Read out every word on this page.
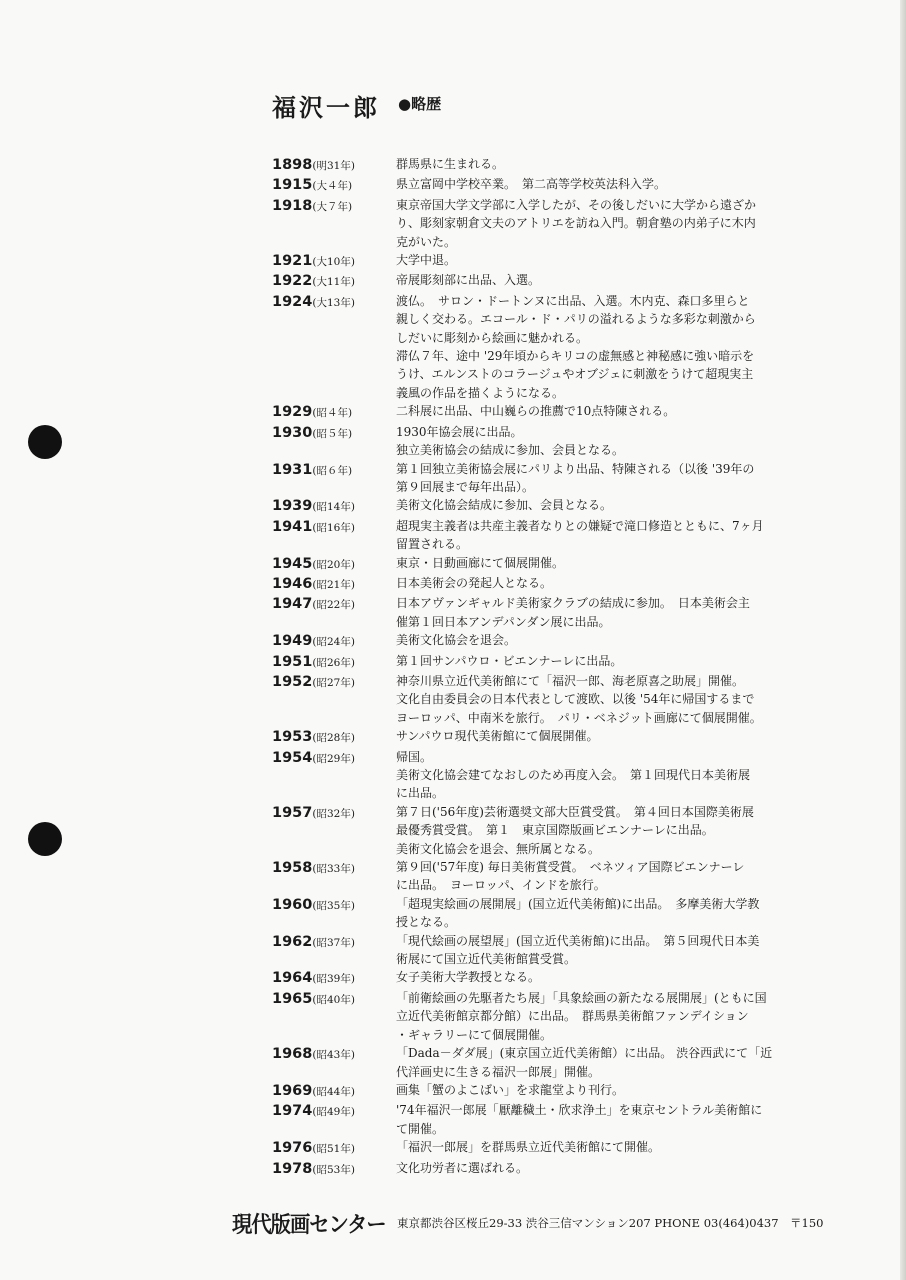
福沢一郎 ●略歴
1898(明31年)	群馬県に生まれる。
1915(大４年)	県立富岡中学校卒業。　第二高等学校英法科入学。
1918(大７年)	東京帝国大学文学部に入学したが、その後しだいに大学から遠ざか
り、彫刻家朝倉文夫のアトリエを訪ね入門。朝倉塾の内弟子に木内
克がいた。
1921(大10年)	大学中退。
1922(大11年)	帝展彫刻部に出品、入選。
1924(大13年)	渡仏。　サロン・ドートンヌに出品、入選。木内克、森口多里らと
親しく交わる。エコール・ド・パリの溢れるような多彩な刺激から
しだいに彫刻から絵画に魅かれる。
滞仏７年、途中 '29年頃からキリコの虚無感と神秘感に強い暗示を
うけ、エルンストのコラージュやオブジェに刺激をうけて超現実主
義風の作品を描くようになる。
1929(昭４年)	二科展に出品、中山巍らの推薦で10点特陳される。
1930(昭５年)	1930年協会展に出品。
独立美術協会の結成に参加、会員となる。
1931(昭６年)	第１回独立美術協会展にパリより出品、特陳される（以後 '39年の
第９回展まで毎年出品）。
1939(昭14年)	美術文化協会結成に参加、会員となる。
1941(昭16年)	超現実主義者は共産主義者なりとの嫌疑で滝口修造とともに、7ヶ月
留置される。
1945(昭20年)	東京・日動画廊にて個展開催。
1946(昭21年)	日本美術会の発起人となる。
1947(昭22年)	日本アヴァンギャルド美術家クラブの結成に参加。　日本美術会主
催第１回日本アンデパンダン展に出品。
1949(昭24年)	美術文化協会を退会。
1951(昭26年)	第１回サンパウロ・ビエンナーレに出品。
1952(昭27年)	神奈川県立近代美術館にて「福沢一郎、海老原喜之助展」開催。
文化自由委員会の日本代表として渡欧、以後 '54年に帰国するまで
ヨーロッパ、中南米を旅行。　パリ・ベネジット画廊にて個展開催。
1953(昭28年)	サンパウロ現代美術館にて個展開催。
1954(昭29年)	帰国。
美術文化協会建てなおしのため再度入会。　第１回現代日本美術展
に出品。
1957(昭32年)	第７日('56年度)芸術選奨文部大臣賞受賞。　第４回日本国際美術展
最優秀賞受賞。　第１　東京国際版画ビエンナーレに出品。
美術文化協会を退会、無所属となる。
1958(昭33年)	第９回('57年度) 毎日美術賞受賞。　ベネツィア国際ビエンナーレ
に出品。　ヨーロッパ、インドを旅行。
1960(昭35年)	「超現実絵画の展開展」(国立近代美術館)に出品。　多摩美術大学教
授となる。
1962(昭37年)	「現代絵画の展望展」(国立近代美術館)に出品。　第５回現代日本美
術展にて国立近代美術館賞受賞。
1964(昭39年)	女子美術大学教授となる。
1965(昭40年)	「前衛絵画の先駆者たち展」「具象絵画の新たなる展開展」(ともに国
立近代美術館京都分館）に出品。　群馬県美術館ファンデイション
・ギャラリーにて個展開催。
1968(昭43年)	「Dada－ダダ展」(東京国立近代美術館）に出品。 渋谷西武にて「近
代洋画史に生きる福沢一郎展」開催。
1969(昭44年)	画集「蟹のよこばい」を求龍堂より刊行。
1974(昭49年)	'74年福沢一郎展「厭離穢土・欣求浄土」を東京セントラル美術館に
て開催。
1976(昭51年)	「福沢一郎展」を群馬県立近代美術館にて開催。
1978(昭53年)	文化功労者に選ばれる。
現代版画センター 東京都渋谷区桜丘29-33 渋谷三信マンション207 PHONE 03(464)0437　〒150
